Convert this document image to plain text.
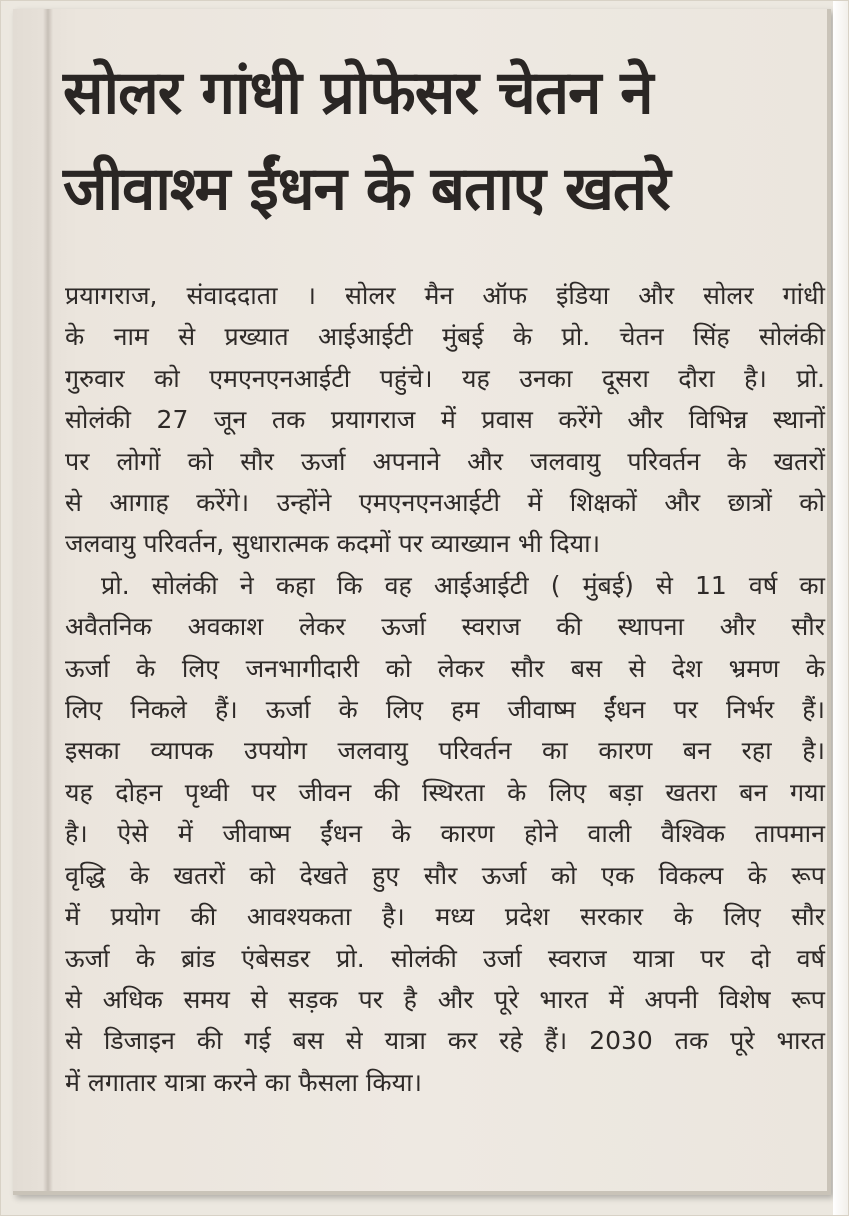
सोलर गांधी प्रोफेसर चेतन ने
जीवाश्म ईंधन के बताए खतरे
प्रयागराज, संवाददाता । सोलर मैन ऑफ इंडिया और सोलर गांधी
के नाम से प्रख्यात आईआईटी मुंबई के प्रो. चेतन सिंह सोलंकी
गुरुवार को एमएनएनआईटी पहुंचे। यह उनका दूसरा दौरा है। प्रो.
सोलंकी 27 जून तक प्रयागराज में प्रवास करेंगे और विभिन्न स्थानों
पर लोगों को सौर ऊर्जा अपनाने और जलवायु परिवर्तन के खतरों
से आगाह करेंगे। उन्होंने एमएनएनआईटी में शिक्षकों और छात्रों को
जलवायु परिवर्तन, सुधारात्मक कदमों पर व्याख्यान भी दिया।
प्रो. सोलंकी ने कहा कि वह आईआईटी ( मुंबई) से 11 वर्ष का
अवैतनिक अवकाश लेकर ऊर्जा स्वराज की स्थापना और सौर
ऊर्जा के लिए जनभागीदारी को लेकर सौर बस से देश भ्रमण के
लिए निकले हैं। ऊर्जा के लिए हम जीवाष्म ईंधन पर निर्भर हैं।
इसका व्यापक उपयोग जलवायु परिवर्तन का कारण बन रहा है।
यह दोहन पृथ्वी पर जीवन की स्थिरता के लिए बड़ा खतरा बन गया
है। ऐसे में जीवाष्म ईंधन के कारण होने वाली वैश्विक तापमान
वृद्धि के खतरों को देखते हुए सौर ऊर्जा को एक विकल्प के रूप
में प्रयोग की आवश्यकता है। मध्य प्रदेश सरकार के लिए सौर
ऊर्जा के ब्रांड एंबेसडर प्रो. सोलंकी उर्जा स्वराज यात्रा पर दो वर्ष
से अधिक समय से सड़क पर है और पूरे भारत में अपनी विशेष रूप
से डिजाइन की गई बस से यात्रा कर रहे हैं। 2030 तक पूरे भारत
में लगातार यात्रा करने का फैसला किया।
